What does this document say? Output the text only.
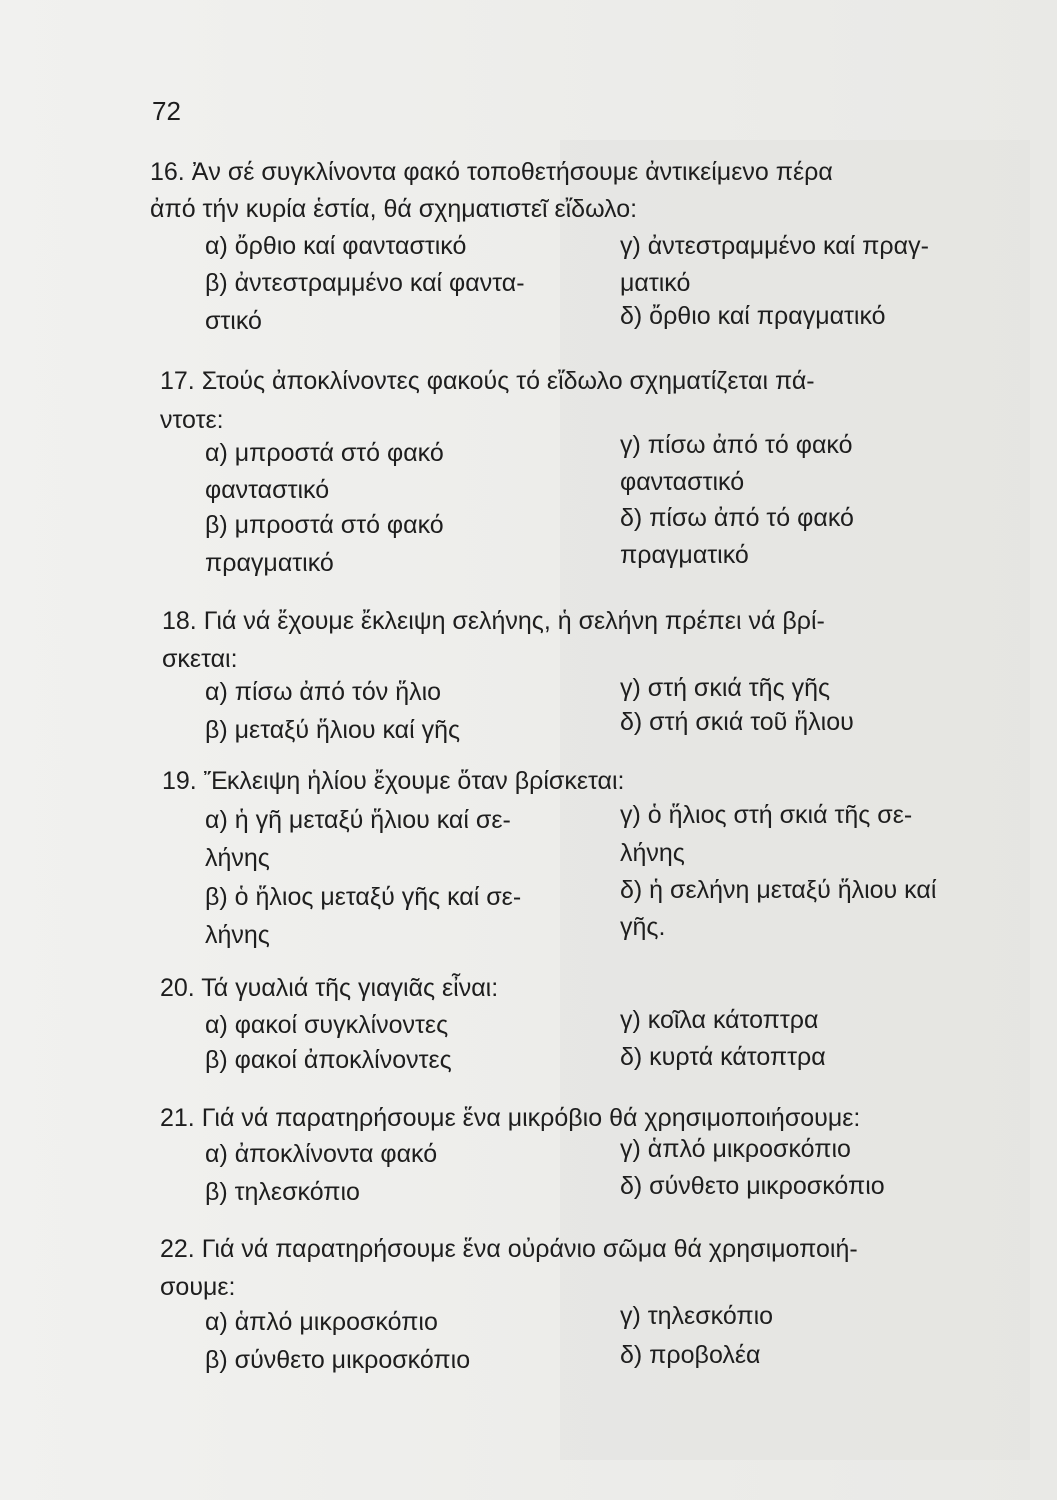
72
16. Ἀν σέ συγκλίνοντα φακό τοποθετήσουμε ἀντικείμενο πέρα
ἀπό τήν κυρία ἑστία, θά σχηματιστεῖ εἴδωλο:
α) ὄρθιο καί φανταστικό
β) ἀντεστραμμένο καί φαντα-
στικό
γ) ἀντεστραμμένο καί πραγ-
ματικό
δ) ὄρθιο καί πραγματικό
17. Στούς ἀποκλίνοντες φακούς τό εἴδωλο σχηματίζεται πά-
ντοτε:
α) μπροστά στό φακό
φανταστικό
β) μπροστά στό φακό
πραγματικό
γ) πίσω ἀπό τό φακό
φανταστικό
δ) πίσω ἀπό τό φακό
πραγματικό
18. Γιά νά ἔχουμε ἔκλειψη σελήνης, ἡ σελήνη πρέπει νά βρί-
σκεται:
α) πίσω ἀπό τόν ἥλιο
β) μεταξύ ἥλιου καί γῆς
γ) στή σκιά τῆς γῆς
δ) στή σκιά τοῦ ἥλιου
19. Ἔκλειψη ἡλίου ἔχουμε ὅταν βρίσκεται:
α) ἡ γῆ μεταξύ ἥλιου καί σε-
λήνης
β) ὁ ἥλιος μεταξύ γῆς καί σε-
λήνης
γ) ὁ ἥλιος στή σκιά τῆς σε-
λήνης
δ) ἡ σελήνη μεταξύ ἥλιου καί
γῆς.
20. Τά γυαλιά τῆς γιαγιᾶς εἶναι:
α) φακοί συγκλίνοντες
β) φακοί ἀποκλίνοντες
γ) κοῖλα κάτοπτρα
δ) κυρτά κάτοπτρα
21. Γιά νά παρατηρήσουμε ἕνα μικρόβιο θά χρησιμοποιήσουμε:
α) ἀποκλίνοντα φακό
β) τηλεσκόπιο
γ) ἁπλό μικροσκόπιο
δ) σύνθετο μικροσκόπιο
22. Γιά νά παρατηρήσουμε ἕνα οὐράνιο σῶμα θά χρησιμοποιή-
σουμε:
α) ἁπλό μικροσκόπιο
β) σύνθετο μικροσκόπιο
γ) τηλεσκόπιο
δ) προβολέα
